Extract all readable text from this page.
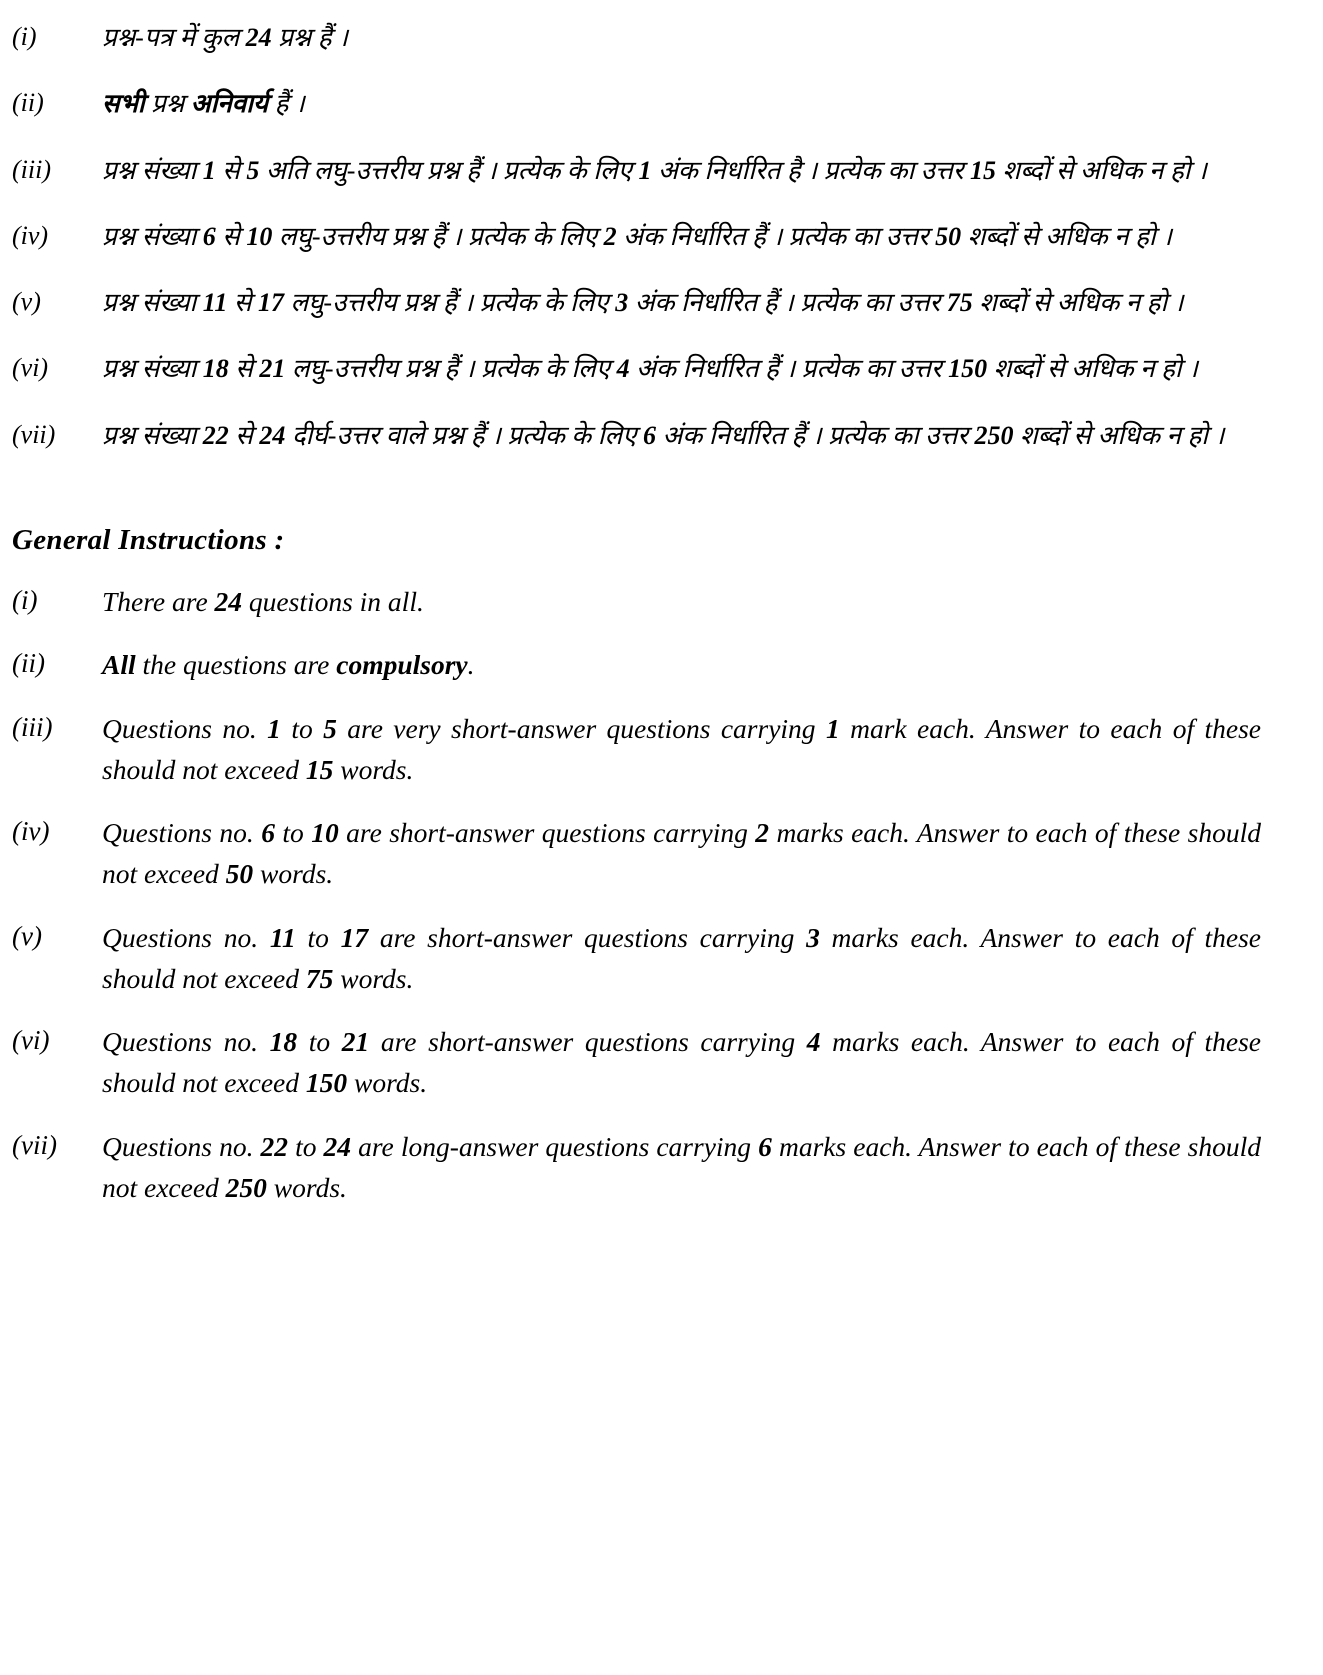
(i)	प्रश्न-पत्र में कुल 24 प्रश्न हैं ।
(ii)	सभी प्रश्न अनिवार्य हैं ।
(iii)	प्रश्न संख्या 1 से 5 अति लघु-उत्तरीय प्रश्न हैं । प्रत्येक के लिए 1 अंक निर्धारित है । प्रत्येक का उत्तर 15 शब्दों से अधिक न हो ।
(iv)	प्रश्न संख्या 6 से 10 लघु-उत्तरीय प्रश्न हैं । प्रत्येक के लिए 2 अंक निर्धारित हैं । प्रत्येक का उत्तर 50 शब्दों से अधिक न हो ।
(v)	प्रश्न संख्या 11 से 17 लघु-उत्तरीय प्रश्न हैं । प्रत्येक के लिए 3 अंक निर्धारित हैं । प्रत्येक का उत्तर 75 शब्दों से अधिक न हो ।
(vi)	प्रश्न संख्या 18 से 21 लघु-उत्तरीय प्रश्न हैं । प्रत्येक के लिए 4 अंक निर्धारित हैं । प्रत्येक का उत्तर 150 शब्दों से अधिक न हो ।
(vii)	प्रश्न संख्या 22 से 24 दीर्घ-उत्तर वाले प्रश्न हैं । प्रत्येक के लिए 6 अंक निर्धारित हैं । प्रत्येक का उत्तर 250 शब्दों से अधिक न हो ।
General Instructions :
(i)	There are 24 questions in all.
(ii)	All the questions are compulsory.
(iii)	Questions no. 1 to 5 are very short-answer questions carrying 1 mark each. Answer to each of these should not exceed 15 words.
(iv)	Questions no. 6 to 10 are short-answer questions carrying 2 marks each. Answer to each of these should not exceed 50 words.
(v)	Questions no. 11 to 17 are short-answer questions carrying 3 marks each. Answer to each of these should not exceed 75 words.
(vi)	Questions no. 18 to 21 are short-answer questions carrying 4 marks each. Answer to each of these should not exceed 150 words.
(vii)	Questions no. 22 to 24 are long-answer questions carrying 6 marks each. Answer to each of these should not exceed 250 words.
